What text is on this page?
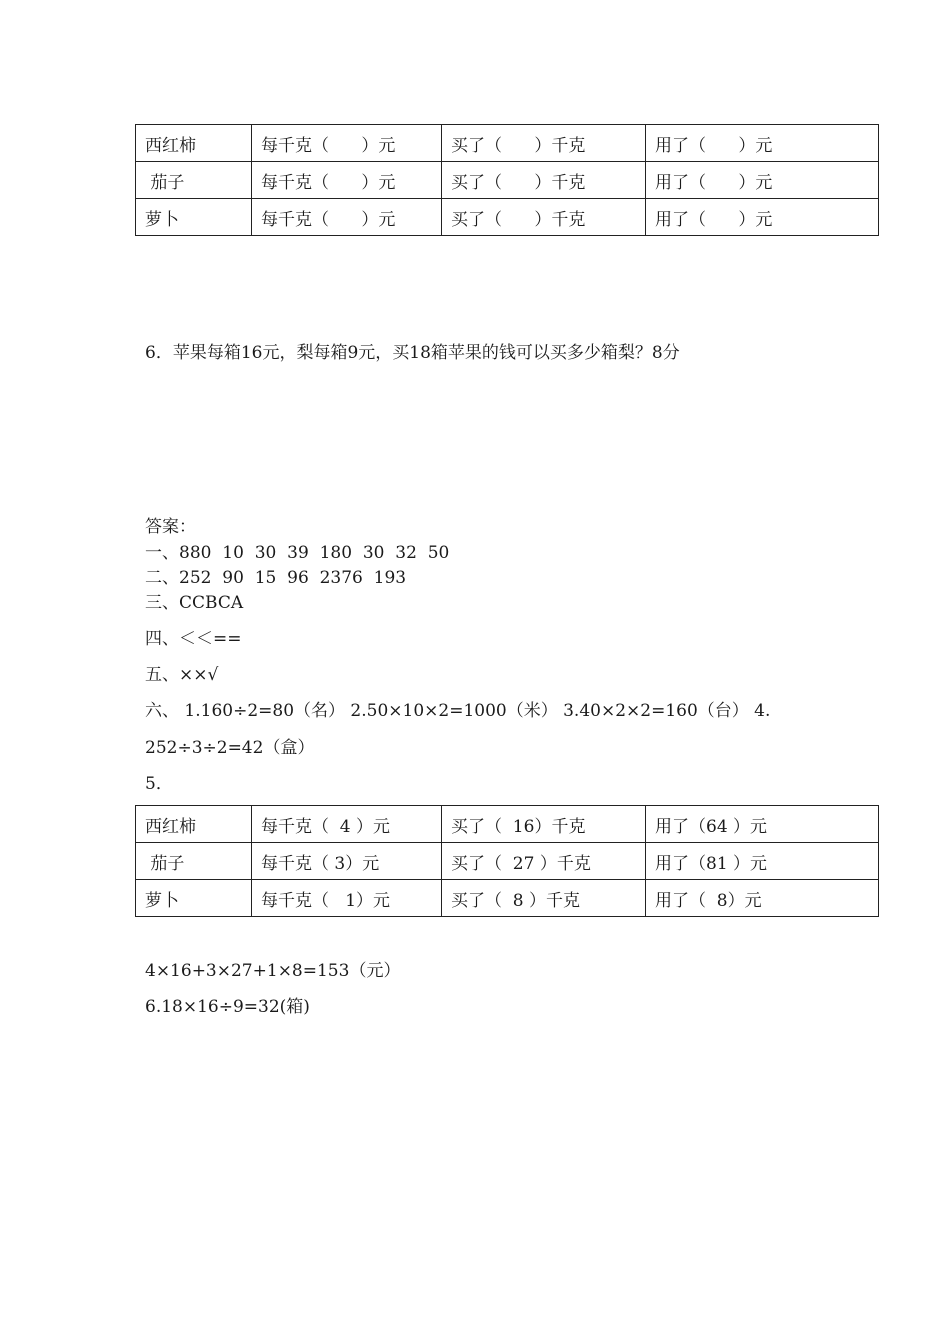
西红柿	每千克（      ）元	买了（      ）千克	用了（      ）元
茄子	每千克（      ）元	买了（      ）千克	用了（      ）元
萝卜	每千克（      ）元	买了（      ）千克	用了（      ）元
6．苹果每箱16元，梨每箱9元，买18箱苹果的钱可以买多少箱梨？8分
答案：
一、880  10  30  39  180  30  32  50
二、252  90  15  96  2376  193
三、CCBCA
四、＜＜==
五、××√
六、 1.160÷2=80（名） 2.50×10×2=1000（米） 3.40×2×2=160（台） 4.
252÷3÷2=42（盒）
5．
西红柿	每千克（  4 ）元	买了（  16）千克	用了（64 ）元
茄子	每千克（ 3）元	买了（  27 ）千克	用了（81 ）元
萝卜	每千克（   1）元	买了（  8 ）千克	用了（  8）元
4×16+3×27+1×8=153（元）
6.18×16÷9=32(箱)
